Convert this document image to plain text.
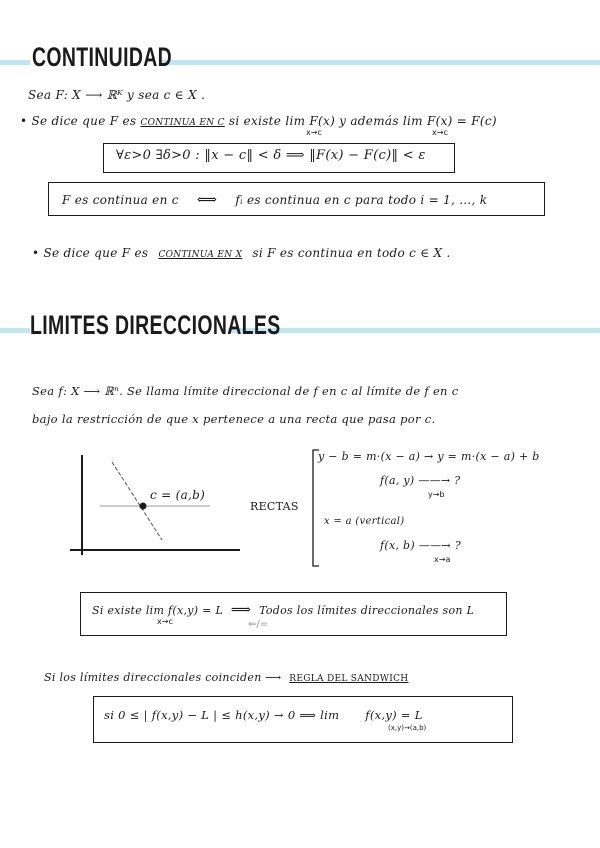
CONTINUIDAD
Sea F: X ⟶ ℝᴷ y sea c ∈ X .
• Se dice que F es CONTINUA EN C si existe lim F(x) y además lim F(x) = F(c)
x→c	x→c
∀ε>0 ∃δ>0 : ‖x − c‖ < δ ⟹ ‖F(x) − F(c)‖ < ε
F es continua en c ⟺ fᵢ es continua en c para todo i = 1, …, k
• Se dice que F es CONTINUA EN X si F es continua en todo c ∈ X .
LIMITES DIRECCIONALES
Sea f: X ⟶ ℝⁿ. Se llama límite direccional de f en c al límite de f en c
bajo la restricción de que x pertenece a una recta que pasa por c.
c = (a,b)
RECTAS
y − b = m·(x − a) → y = m·(x − a) + b
f(a, y) ——→ ?
y→b
x = a (vertical)
f(x, b) ——→ ?
x→a
Si existe lim f(x,y) = L ⟹ Todos los límites direccionales son L
x→c	⇐/=
Si los límites direccionales coinciden ⟶ REGLA DEL SANDWICH
si 0 ≤ | f(x,y) − L | ≤ h(x,y) → 0 ⟹ lim f(x,y) = L
(x,y)→(a,b)
